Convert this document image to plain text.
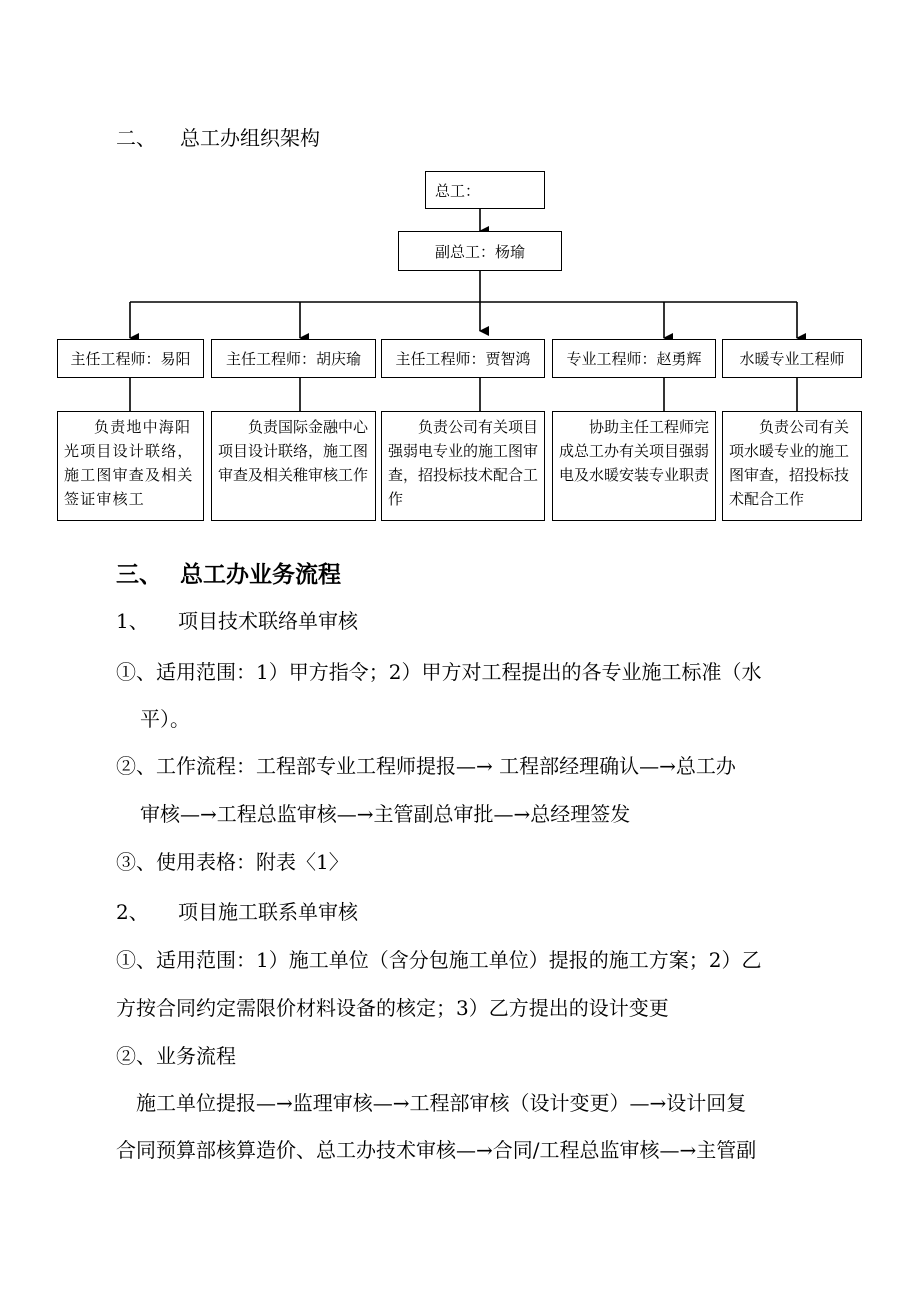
二、 总工办组织架构
总工：
副总工：杨瑜
主任工程师：易阳 主任工程师：胡庆瑜 主任工程师：贾智鸿 专业工程师：赵勇辉	水暖专业工程师

负责地中海阳光项目设计联络，施工图审查及相关签证审核工

负责国际金融中心项目设计联络，施工图审查及相关稚审核工作

负责公司有关项目强弱电专业的施工图审查，招投标技术配合工作

协助主任工程师完成总工办有关项目强弱电及水暖安装专业职责

负责公司有关项水暖专业的施工图审查，招投标技术配合工作

三、 总工办业务流程
1、 项目技术联络单审核
①、适用范围：1）甲方指令；2）甲方对工程提出的各专业施工标准（水
平）。
②、工作流程：工程部专业工程师提报—→ 工程部经理确认—→总工办
审核—→工程总监审核—→主管副总审批—→总经理签发
③、使用表格：附表〈1〉
2、 项目施工联系单审核
①、适用范围：1）施工单位（含分包施工单位）提报的施工方案；2）乙
方按合同约定需限价材料设备的核定；3）乙方提出的设计变更
②、业务流程
施工单位提报—→监理审核—→工程部审核（设计变更）—→设计回复
合同预算部核算造价、总工办技术审核—→合同/工程总监审核—→主管副
